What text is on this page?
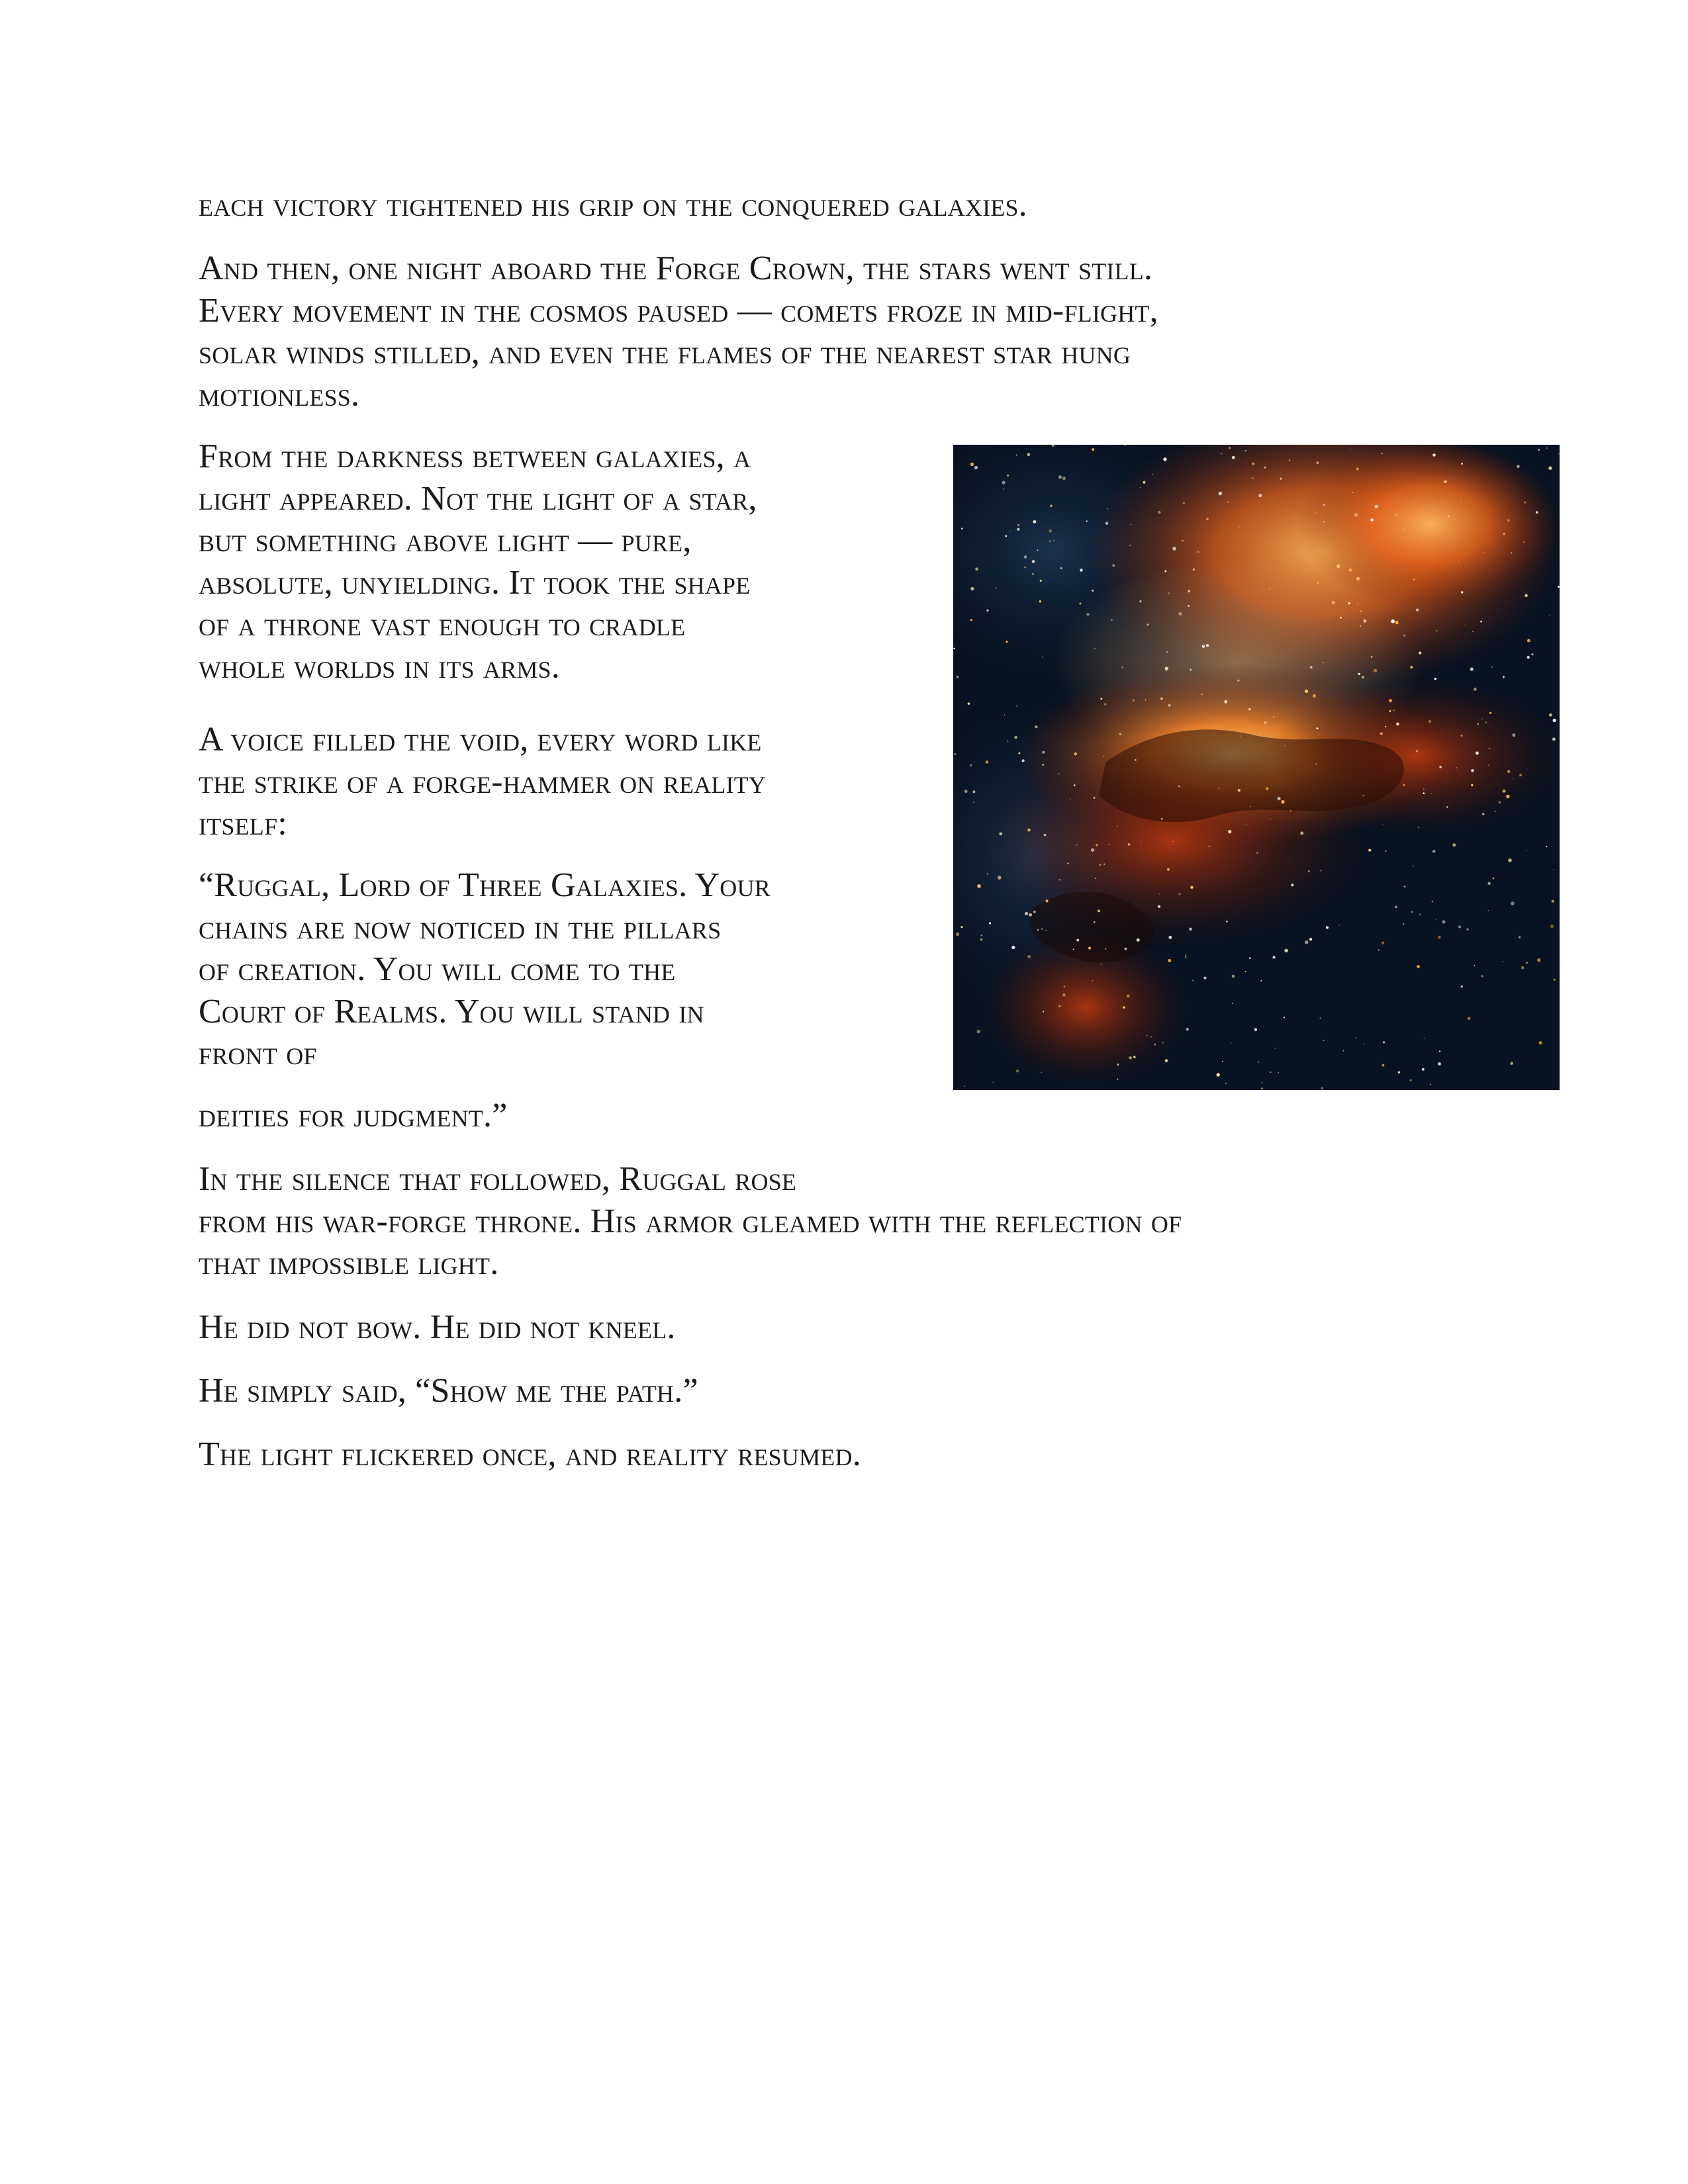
each victory tightened his grip on the conquered galaxies.

And then, one night aboard the Forge Crown, the stars went still.
Every movement in the cosmos paused — comets froze in mid-flight,
solar winds stilled, and even the flames of the nearest star hung
motionless.

From the darkness between galaxies, a
light appeared. Not the light of a star,
but something above light — pure,
absolute, unyielding. It took the shape
of a throne vast enough to cradle
whole worlds in its arms.

A voice filled the void, every word like
the strike of a forge-hammer on reality
itself:

“Ruggal, Lord of Three Galaxies. Your
chains are now noticed in the pillars
of creation. You will come to the
Court of Realms. You will stand in
front of

deities for judgment.”

In the silence that followed, Ruggal rose
from his war-forge throne. His armor gleamed with the reflection of
that impossible light.

He did not bow. He did not kneel.

He simply said, “Show me the path.”

The light flickered once, and reality resumed.
